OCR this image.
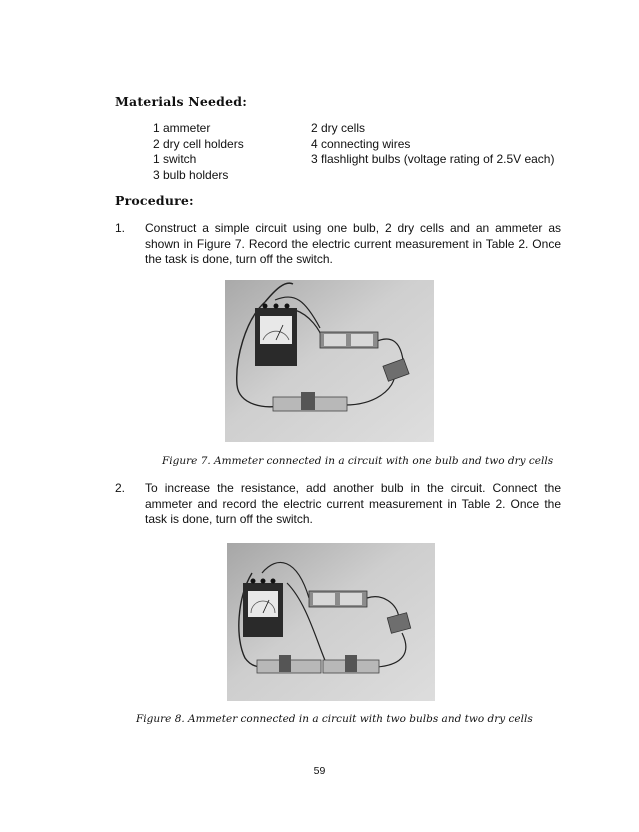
Materials Needed:
1 ammeter
2 dry cell holders
1 switch
3 bulb holders
2 dry cells
4 connecting wires
3 flashlight bulbs (voltage rating of 2.5V each)
Procedure:
1. Construct a simple circuit using one bulb, 2 dry cells and an ammeter as shown in Figure 7. Record the electric current measurement in Table 2. Once the task is done, turn off the switch.
Figure 7. Ammeter connected in a circuit with one bulb and two dry cells
2. To increase the resistance, add another bulb in the circuit. Connect the ammeter and record the electric current measurement in Table 2. Once the task is done, turn off the switch.
Figure 8. Ammeter connected in a circuit with two bulbs and two dry cells
59
